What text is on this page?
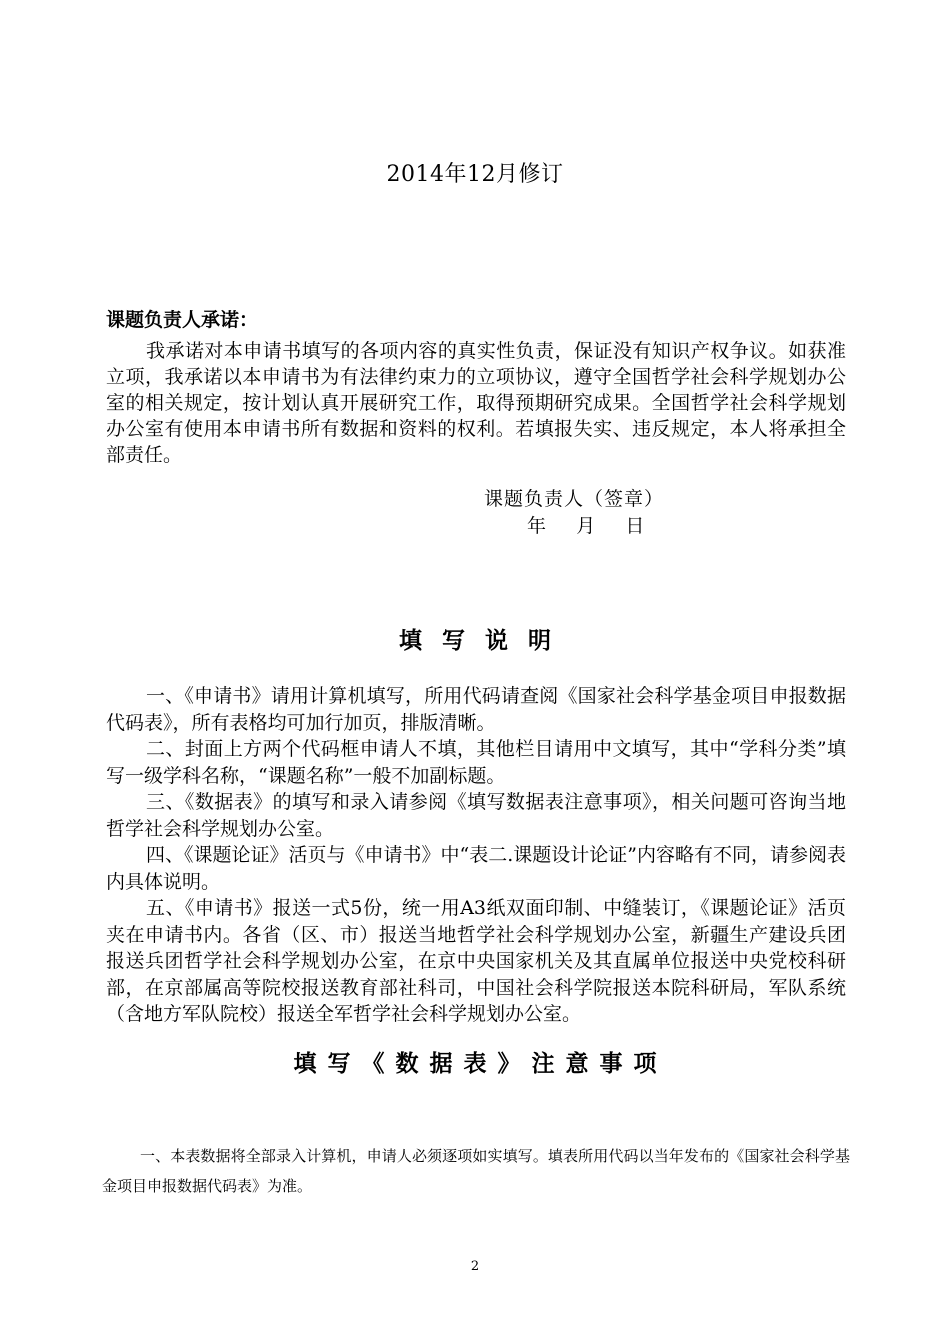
2014年12月修订
课题负责人承诺：
我承诺对本申请书填写的各项内容的真实性负责，保证没有知识产权争议。如获准立项，我承诺以本申请书为有法律约束力的立项协议，遵守全国哲学社会科学规划办公室的相关规定，按计划认真开展研究工作，取得预期研究成果。全国哲学社会科学规划办公室有使用本申请书所有数据和资料的权利。若填报失实、违反规定，本人将承担全部责任。
课题负责人（签章）
年     月     日
填写说明

一、《申请书》请用计算机填写，所用代码请查阅《国家社会科学基金项目申报数据代码表》，所有表格均可加行加页，排版清晰。

二、封面上方两个代码框申请人不填，其他栏目请用中文填写，其中“学科分类”填写一级学科名称，“课题名称”一般不加副标题。

三、《数据表》的填写和录入请参阅《填写数据表注意事项》，相关问题可咨询当地哲学社会科学规划办公室。

四、《课题论证》活页与《申请书》中“表二.课题设计论证”内容略有不同，请参阅表内具体说明。

五、《申请书》报送一式5份，统一用A3纸双面印制、中缝装订，《课题论证》活页夹在申请书内。各省（区、市）报送当地哲学社会科学规划办公室，新疆生产建设兵团报送兵团哲学社会科学规划办公室，在京中央国家机关及其直属单位报送中央党校科研部，在京部属高等院校报送教育部社科司，中国社会科学院报送本院科研局，军队系统（含地方军队院校）报送全军哲学社会科学规划办公室。

填写《数据表》注意事项

一、本表数据将全部录入计算机，申请人必须逐项如实填写。填表所用代码以当年发布的《国家社会科学基金项目申报数据代码表》为准。

2
